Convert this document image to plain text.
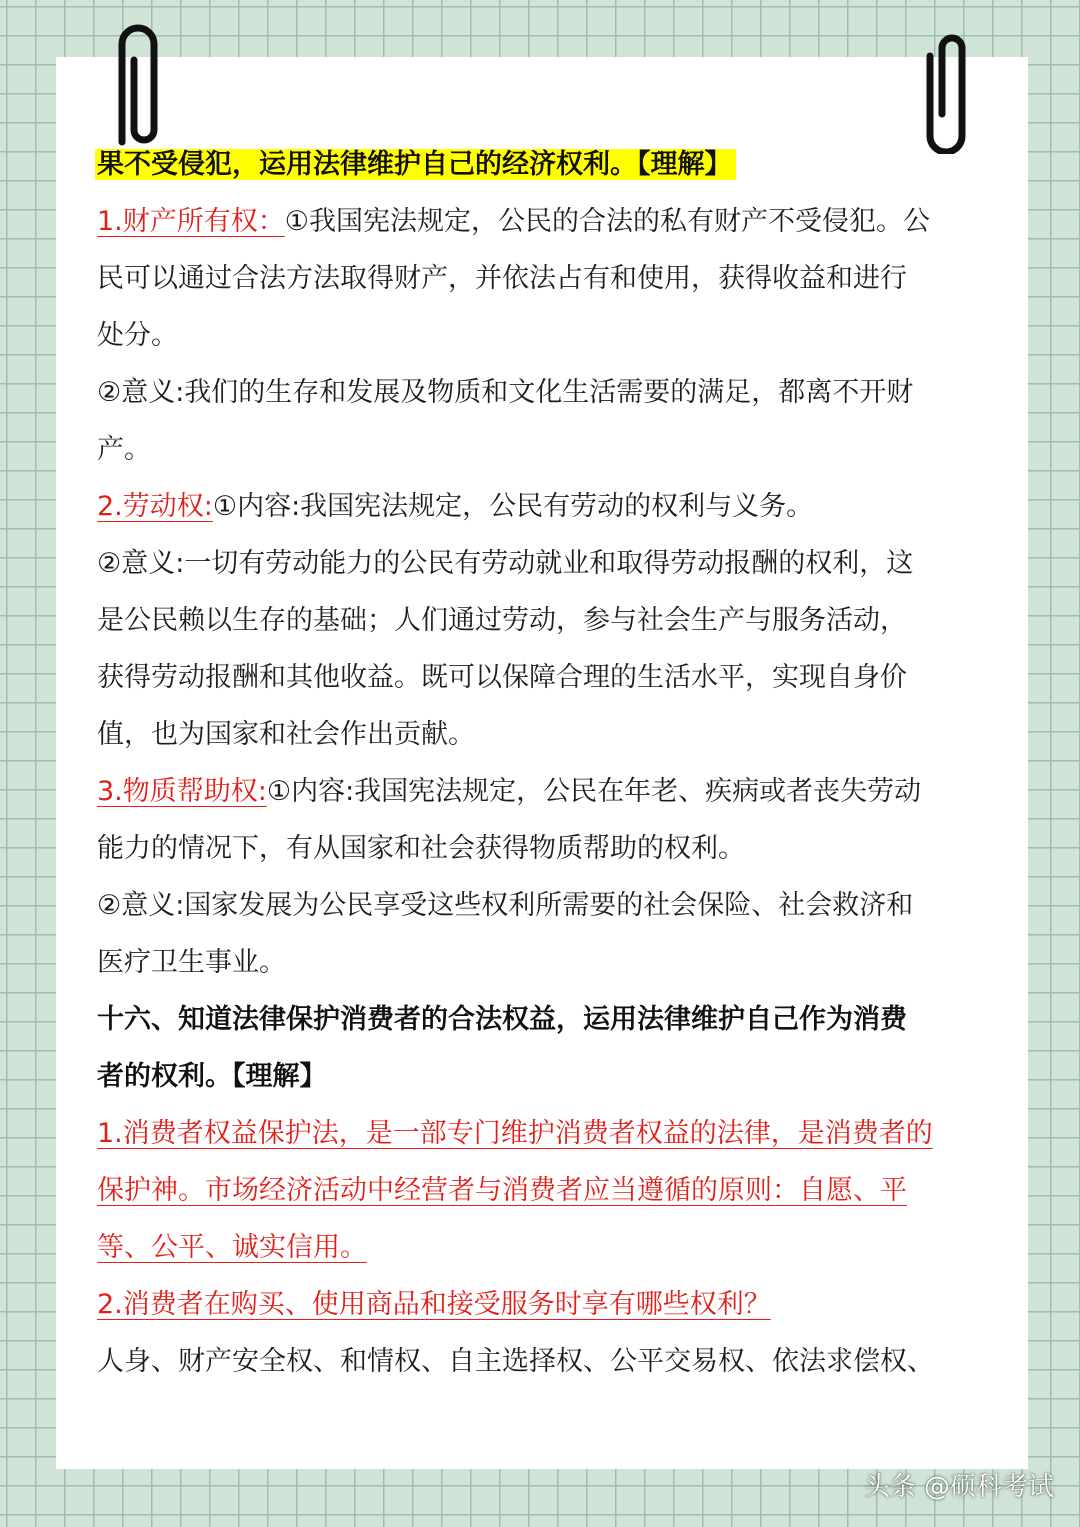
果不受侵犯，运用法律维护自己的经济权利。【理解】
1.财产所有权：①我国宪法规定，公民的合法的私有财产不受侵犯。公
民可以通过合法方法取得财产，并依法占有和使用，获得收益和进行
处分。
②意义:我们的生存和发展及物质和文化生活需要的满足，都离不开财
产。
2.劳动权:①内容:我国宪法规定，公民有劳动的权利与义务。
②意义:一切有劳动能力的公民有劳动就业和取得劳动报酬的权利，这
是公民赖以生存的基础；人们通过劳动，参与社会生产与服务活动，
获得劳动报酬和其他收益。既可以保障合理的生活水平，实现自身价
值，也为国家和社会作出贡献。
3.物质帮助权:①内容:我国宪法规定，公民在年老、疾病或者丧失劳动
能力的情况下，有从国家和社会获得物质帮助的权利。
②意义:国家发展为公民享受这些权利所需要的社会保险、社会救济和
医疗卫生事业。
十六、知道法律保护消费者的合法权益，运用法律维护自己作为消费
者的权利。【理解】
1.消费者权益保护法，是一部专门维护消费者权益的法律，是消费者的
保护神。市场经济活动中经营者与消费者应当遵循的原则：自愿、平
等、公平、诚实信用。
2.消费者在购买、使用商品和接受服务时享有哪些权利？
人身、财产安全权、和情权、自主选择权、公平交易权、依法求偿权、
头条 @硕科考试
